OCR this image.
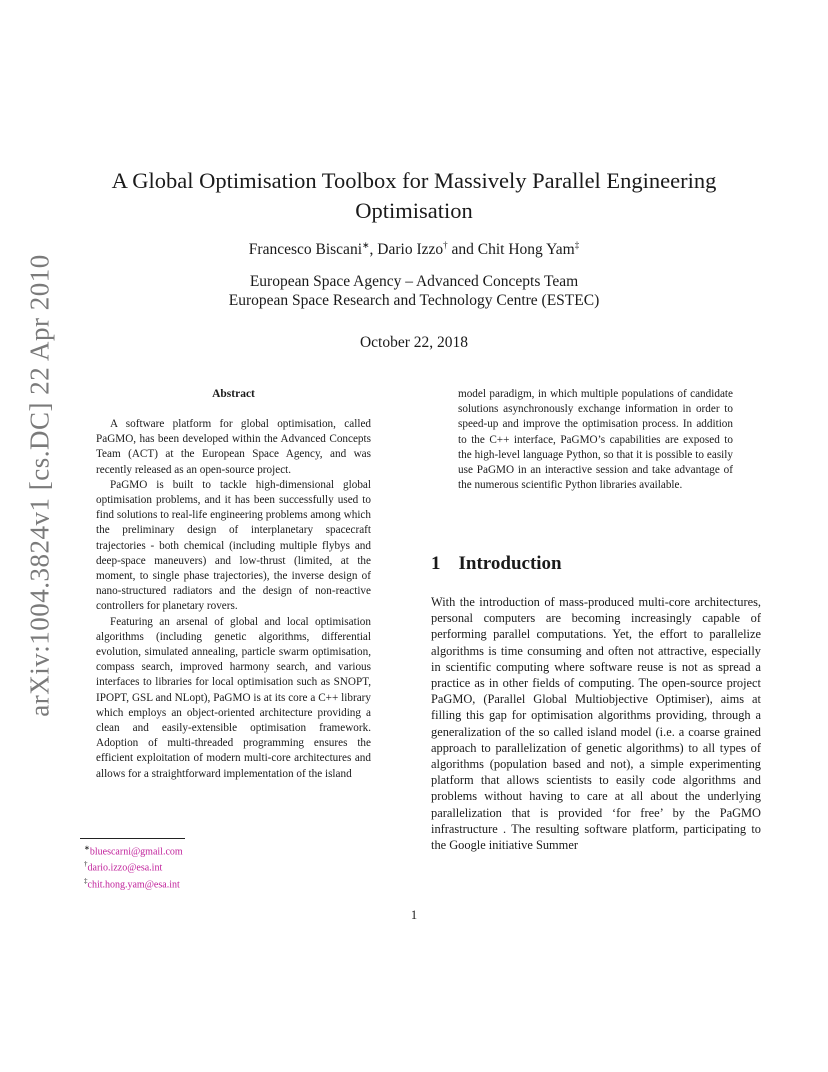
arXiv:1004.3824v1 [cs.DC] 22 Apr 2010
A Global Optimisation Toolbox for Massively Parallel Engineering Optimisation
Francesco Biscani∗, Dario Izzo† and Chit Hong Yam‡
European Space Agency – Advanced Concepts Team
European Space Research and Technology Centre (ESTEC)
October 22, 2018
Abstract

A software platform for global optimisation, called PaGMO, has been developed within the Advanced Concepts Team (ACT) at the European Space Agency, and was recently released as an open-source project.

PaGMO is built to tackle high-dimensional global optimisation problems, and it has been successfully used to find solutions to real-life engineering problems among which the preliminary design of interplanetary spacecraft trajectories - both chemical (including multiple flybys and deep-space maneuvers) and low-thrust (limited, at the moment, to single phase trajectories), the inverse design of nano-structured radiators and the design of non-reactive controllers for planetary rovers.

Featuring an arsenal of global and local optimisation algorithms (including genetic algorithms, differential evolution, simulated annealing, particle swarm optimisation, compass search, improved harmony search, and various interfaces to libraries for local optimisation such as SNOPT, IPOPT, GSL and NLopt), PaGMO is at its core a C++ library which employs an object-oriented architecture providing a clean and easily-extensible optimisation framework. Adoption of multi-threaded programming ensures the efficient exploitation of modern multi-core architectures and allows for a straightforward implementation of the island

∗bluescarni@gmail.com
†dario.izzo@esa.int
‡chit.hong.yam@esa.int

model paradigm, in which multiple populations of candidate solutions asynchronously exchange information in order to speed-up and improve the optimisation process. In addition to the C++ interface, PaGMO’s capabilities are exposed to the high-level language Python, so that it is possible to easily use PaGMO in an interactive session and take advantage of the numerous scientific Python libraries available.

1 Introduction

With the introduction of mass-produced multi-core architectures, personal computers are becoming increasingly capable of performing parallel computations. Yet, the effort to parallelize algorithms is time consuming and often not attractive, especially in scientific computing where software reuse is not as spread a practice as in other fields of computing. The open-source project PaGMO, (Parallel Global Multiobjective Optimiser), aims at filling this gap for optimisation algorithms providing, through a generalization of the so called island model (i.e. a coarse grained approach to parallelization of genetic algorithms) to all types of algorithms (population based and not), a simple experimenting platform that allows scientists to easily code algorithms and problems without having to care at all about the underlying parallelization that is provided ‘for free’ by the PaGMO infrastructure . The resulting software platform, participating to the Google initiative Summer

1
